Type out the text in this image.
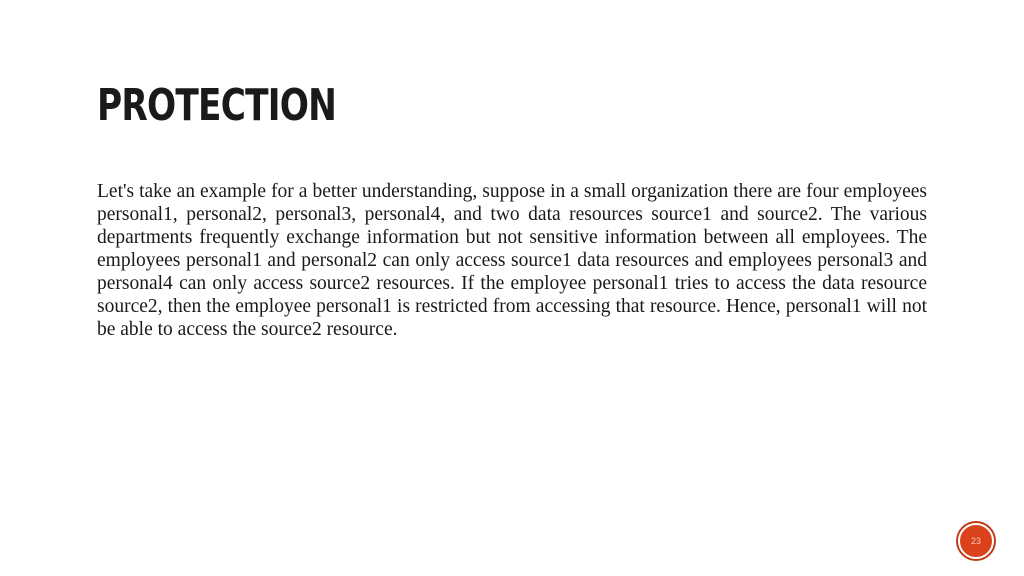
PROTECTION

Let's take an example for a better understanding, suppose in a small organization there are four employees personal1, personal2, personal3, personal4, and two data resources source1 and source2. The various departments frequently exchange information but not sensitive information between all employees. The employees personal1 and personal2 can only access source1 data resources and employees personal3 and personal4 can only access source2 resources. If the employee personal1 tries to access the data resource source2, then the employee personal1 is restricted from accessing that resource. Hence, personal1 will not be able to access the source2 resource.

23
